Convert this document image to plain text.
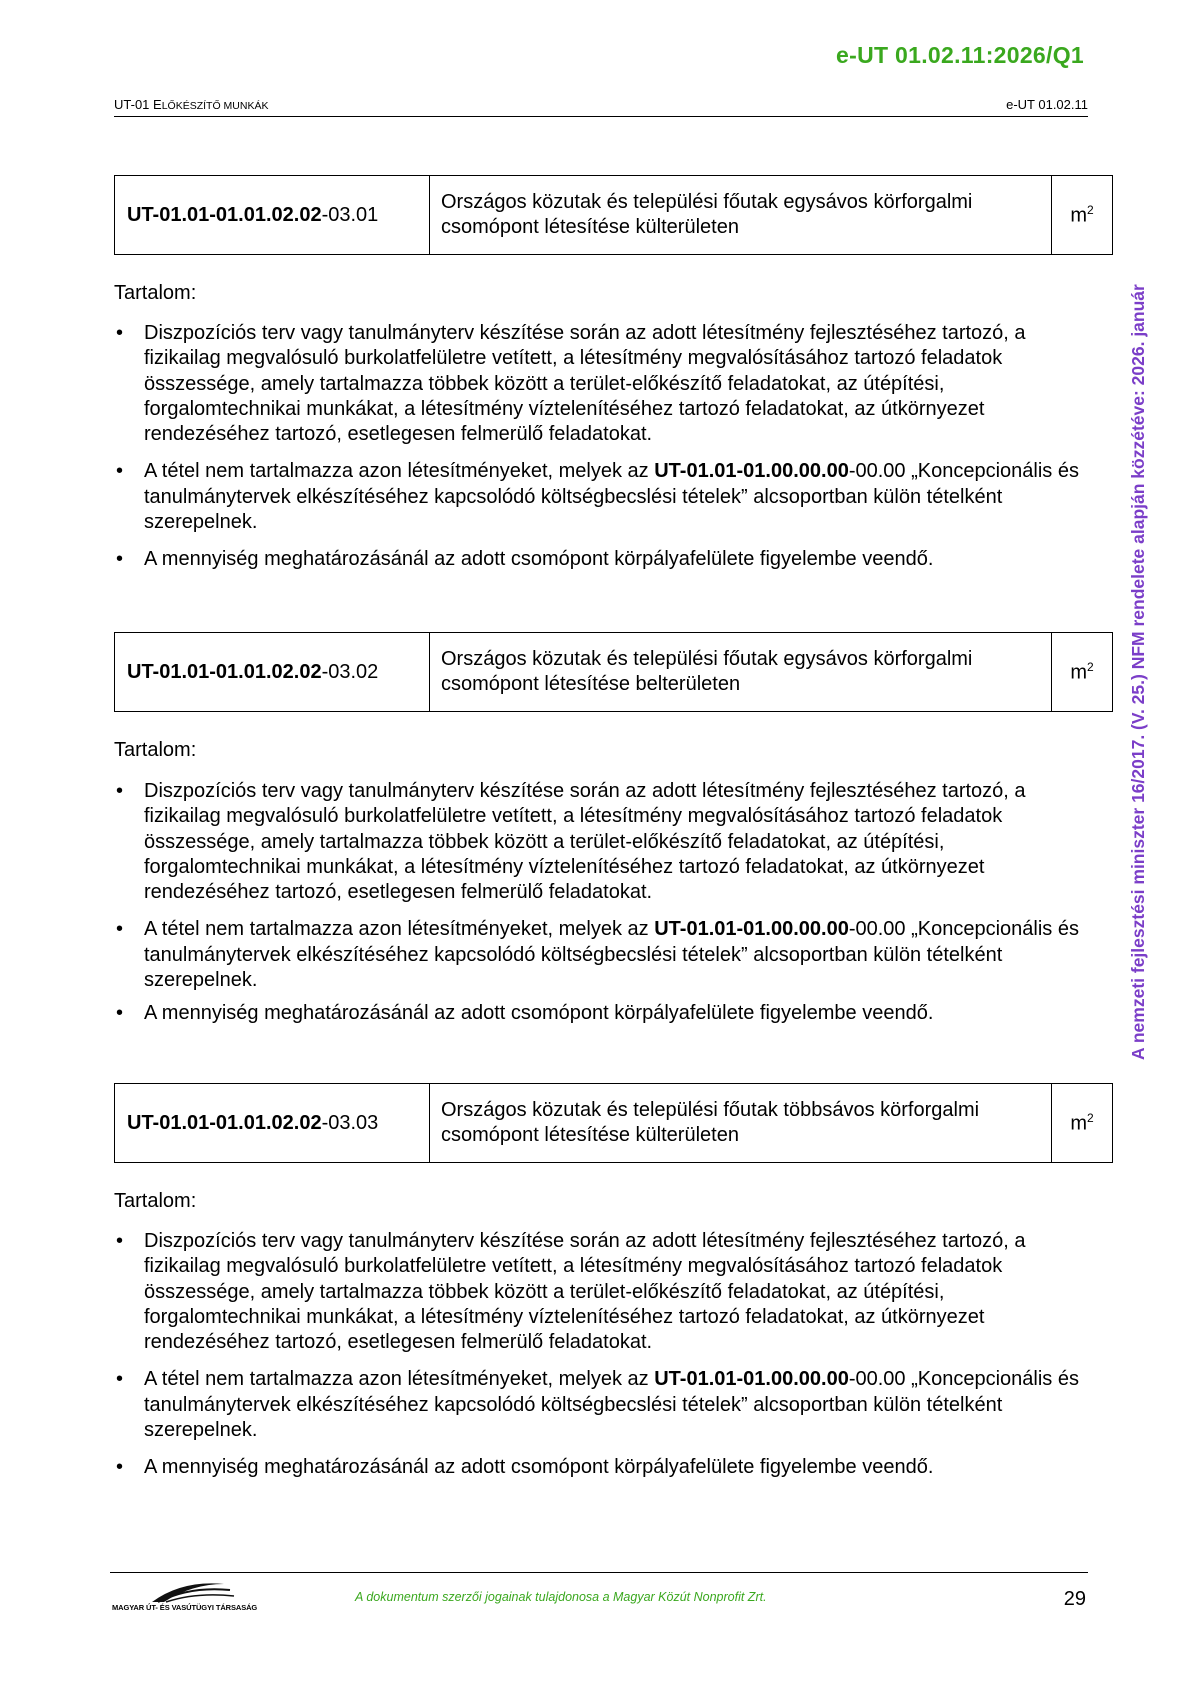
e-UT 01.02.11:2026/Q1
UT-01 ELŐKÉSZÍTŐ MUNKÁK	e-UT 01.02.11
A nemzeti fejlesztési miniszter 16/2017. (V. 25.) NFM rendelete alapján közzétéve: 2026. január
UT-01.01-01.01.02.02-03.01	Országos közutak és települési főutak egysávos körforgalmi
csomópont létesítése külterületen	$m^2$
Tartalom:
• Diszpozíciós terv vagy tanulmányterv készítése során az adott létesítmény fejlesztéséhez tartozó, a fizikailag megvalósuló burkolatfelületre vetített, a létesítmény megvalósításához tartozó feladatok összessége, amely tartalmazza többek között a terület-előkészítő feladatokat, az útépítési, forgalomtechnikai munkákat, a létesítmény víztelenítéséhez tartozó feladatokat, az útkörnyezet rendezéséhez tartozó, esetlegesen felmerülő feladatokat.
• A tétel nem tartalmazza azon létesítményeket, melyek az UT-01.01-01.00.00.00-00.00 „Koncepcionális és tanulmánytervek elkészítéséhez kapcsolódó költségbecslési tételek” alcsoportban külön tételként szerepelnek.
• A mennyiség meghatározásánál az adott csomópont körpályafelülete figyelembe veendő.
UT-01.01-01.01.02.02-03.02	Országos közutak és települési főutak egysávos körforgalmi
csomópont létesítése belterületen	$m^2$
Tartalom:
• Diszpozíciós terv vagy tanulmányterv készítése során az adott létesítmény fejlesztéséhez tartozó, a fizikailag megvalósuló burkolatfelületre vetített, a létesítmény megvalósításához tartozó feladatok összessége, amely tartalmazza többek között a terület-előkészítő feladatokat, az útépítési, forgalomtechnikai munkákat, a létesítmény víztelenítéséhez tartozó feladatokat, az útkörnyezet rendezéséhez tartozó, esetlegesen felmerülő feladatokat.
• A tétel nem tartalmazza azon létesítményeket, melyek az UT-01.01-01.00.00.00-00.00 „Koncepcionális és tanulmánytervek elkészítéséhez kapcsolódó költségbecslési tételek” alcsoportban külön tételként szerepelnek.
• A mennyiség meghatározásánál az adott csomópont körpályafelülete figyelembe veendő.
UT-01.01-01.01.02.02-03.03	Országos közutak és települési főutak többsávos körforgalmi
csomópont létesítése külterületen	$m^2$
Tartalom:
• Diszpozíciós terv vagy tanulmányterv készítése során az adott létesítmény fejlesztéséhez tartozó, a fizikailag megvalósuló burkolatfelületre vetített, a létesítmény megvalósításához tartozó feladatok összessége, amely tartalmazza többek között a terület-előkészítő feladatokat, az útépítési, forgalomtechnikai munkákat, a létesítmény víztelenítéséhez tartozó feladatokat, az útkörnyezet rendezéséhez tartozó, esetlegesen felmerülő feladatokat.
• A tétel nem tartalmazza azon létesítményeket, melyek az UT-01.01-01.00.00.00-00.00 „Koncepcionális és tanulmánytervek elkészítéséhez kapcsolódó költségbecslési tételek” alcsoportban külön tételként szerepelnek.
• A mennyiség meghatározásánál az adott csomópont körpályafelülete figyelembe veendő.
MAGYAR ÚT- ÉS VASÚTÜGYI TÁRSASÁG
A dokumentum szerzői jogainak tulajdonosa a Magyar Közút Nonprofit Zrt.	29
